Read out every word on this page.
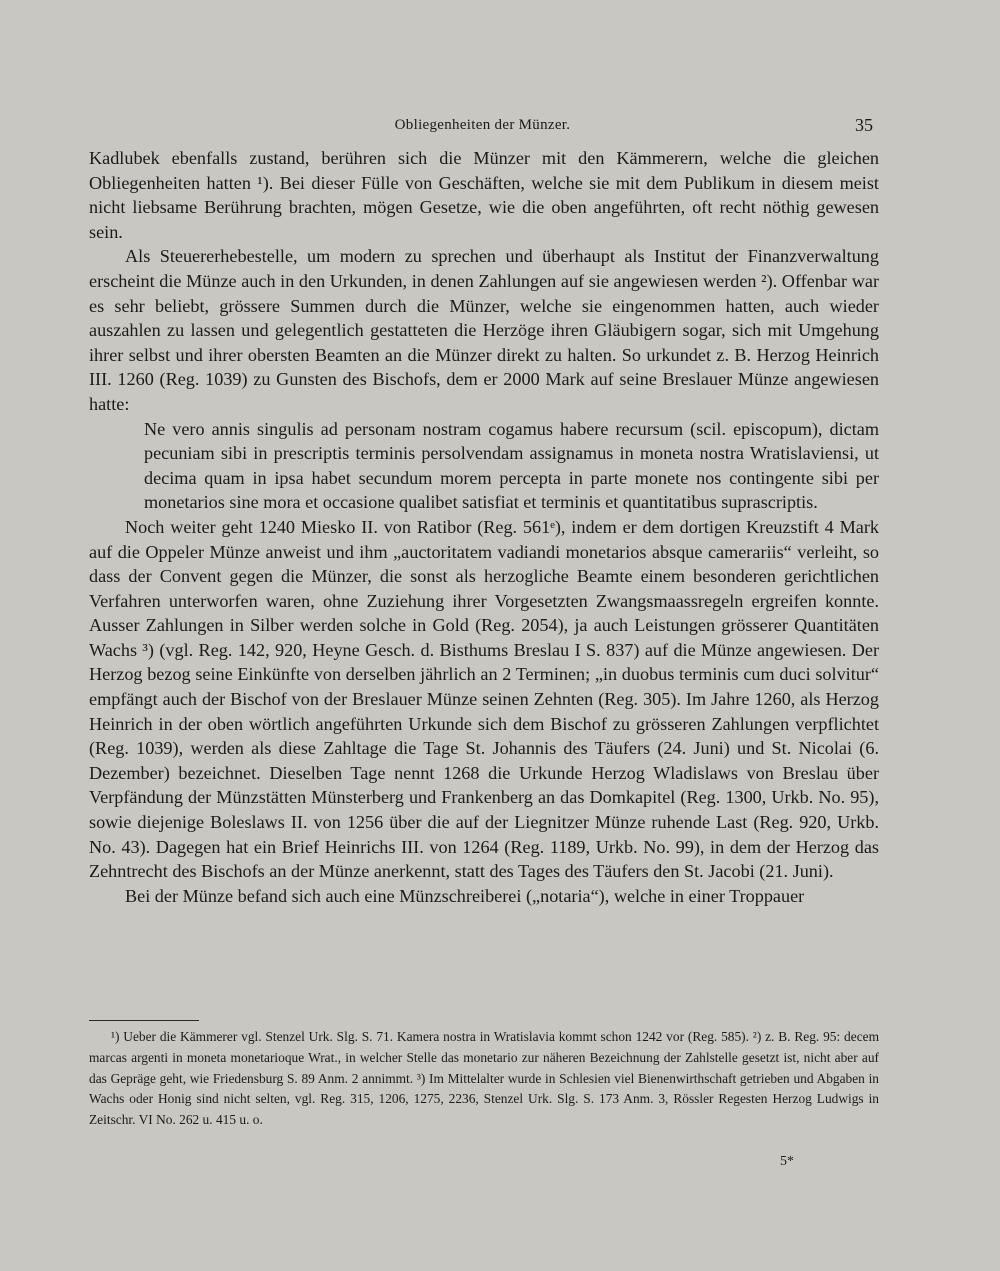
Obliegenheiten der Münzer.	35

Kadlubek ebenfalls zustand, berühren sich die Münzer mit den Kämmerern, welche die gleichen Obliegenheiten hatten ¹). Bei dieser Fülle von Geschäften, welche sie mit dem Publikum in diesem meist nicht liebsame Berührung brachten, mögen Gesetze, wie die oben angeführten, oft recht nöthig gewesen sein.

Als Steuererhebestelle, um modern zu sprechen und überhaupt als Institut der Finanzverwaltung erscheint die Münze auch in den Urkunden, in denen Zahlungen auf sie angewiesen werden ²). Offenbar war es sehr beliebt, grössere Summen durch die Münzer, welche sie eingenommen hatten, auch wieder auszahlen zu lassen und gelegentlich gestatteten die Herzöge ihren Gläubigern sogar, sich mit Umgehung ihrer selbst und ihrer obersten Beamten an die Münzer direkt zu halten. So urkundet z. B. Herzog Heinrich III. 1260 (Reg. 1039) zu Gunsten des Bischofs, dem er 2000 Mark auf seine Breslauer Münze angewiesen hatte:

Ne vero annis singulis ad personam nostram cogamus habere recursum (scil. episcopum), dictam pecuniam sibi in prescriptis terminis persolvendam assignamus in moneta nostra Wratislaviensi, ut decima quam in ipsa habet secundum morem percepta in parte monete nos contingente sibi per monetarios sine mora et occasione qualibet satisfiat et terminis et quantitatibus suprascriptis.

Noch weiter geht 1240 Miesko II. von Ratibor (Reg. 561ᵉ), indem er dem dortigen Kreuzstift 4 Mark auf die Oppeler Münze anweist und ihm „auctoritatem vadiandi monetarios absque camerariis“ verleiht, so dass der Convent gegen die Münzer, die sonst als herzogliche Beamte einem besonderen gerichtlichen Verfahren unterworfen waren, ohne Zuziehung ihrer Vorgesetzten Zwangsmaassregeln ergreifen konnte. Ausser Zahlungen in Silber werden solche in Gold (Reg. 2054), ja auch Leistungen grösserer Quantitäten Wachs ³) (vgl. Reg. 142, 920, Heyne Gesch. d. Bisthums Breslau I S. 837) auf die Münze angewiesen. Der Herzog bezog seine Einkünfte von derselben jährlich an 2 Terminen; „in duobus terminis cum duci solvitur“ empfängt auch der Bischof von der Breslauer Münze seinen Zehnten (Reg. 305). Im Jahre 1260, als Herzog Heinrich in der oben wörtlich angeführten Urkunde sich dem Bischof zu grösseren Zahlungen verpflichtet (Reg. 1039), werden als diese Zahltage die Tage St. Johannis des Täufers (24. Juni) und St. Nicolai (6. Dezember) bezeichnet. Dieselben Tage nennt 1268 die Urkunde Herzog Wladislaws von Breslau über Verpfändung der Münzstätten Münsterberg und Frankenberg an das Domkapitel (Reg. 1300, Urkb. No. 95), sowie diejenige Boleslaws II. von 1256 über die auf der Liegnitzer Münze ruhende Last (Reg. 920, Urkb. No. 43). Dagegen hat ein Brief Heinrichs III. von 1264 (Reg. 1189, Urkb. No. 99), in dem der Herzog das Zehntrecht des Bischofs an der Münze anerkennt, statt des Tages des Täufers den St. Jacobi (21. Juni).

Bei der Münze befand sich auch eine Münzschreiberei („notaria“), welche in einer Troppauer

¹) Ueber die Kämmerer vgl. Stenzel Urk. Slg. S. 71. Kamera nostra in Wratislavia kommt schon 1242 vor (Reg. 585). ²) z. B. Reg. 95: decem marcas argenti in moneta monetarioque Wrat., in welcher Stelle das monetario zur näheren Bezeichnung der Zahlstelle gesetzt ist, nicht aber auf das Gepräge geht, wie Friedensburg S. 89 Anm. 2 annimmt. ³) Im Mittelalter wurde in Schlesien viel Bienenwirthschaft getrieben und Abgaben in Wachs oder Honig sind nicht selten, vgl. Reg. 315, 1206, 1275, 2236, Stenzel Urk. Slg. S. 173 Anm. 3, Rössler Regesten Herzog Ludwigs in Zeitschr. VI No. 262 u. 415 u. o.

5*
